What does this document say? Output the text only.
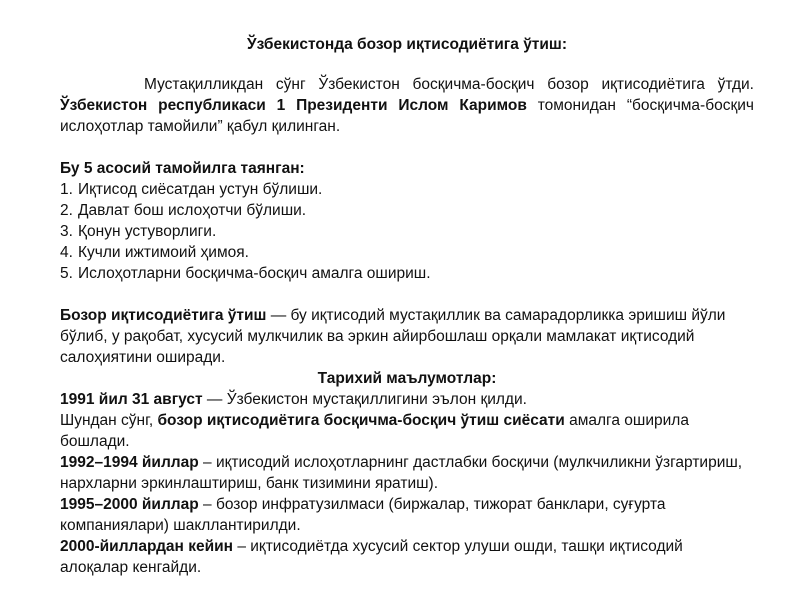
Ўзбекистонда бозор иқтисодиётига ўтиш:

Мустақилликдан сўнг Ўзбекистон босқичма-босқич бозор иқтисодиётига ўтди. Ўзбекистон республикаси 1 Президенти Ислом Каримов томонидан “босқичма-босқич ислоҳотлар тамойили” қабул қилинган.

Бу 5 асосий тамойилга таянган:

1. Иқтисод сиёсатдан устун бўлиши.
2. Давлат бош ислоҳотчи бўлиши.
3. Қонун устуворлиги.
4. Кучли ижтимоий ҳимоя.
5. Ислоҳотларни босқичма-босқич амалга ошириш.

Бозор иқтисодиётига ўтиш — бу иқтисодий мустақиллик ва самарадорликка эришиш йўли бўлиб, у рақобат, хусусий мулкчилик ва эркин айирбошлаш орқали мамлакат иқтисодий салоҳиятини оширади.

Тарихий маълумотлар:

1991 йил 31 август — Ўзбекистон мустақиллигини эълон қилди.

Шундан сўнг, бозор иқтисодиётига босқичма-босқич ўтиш сиёсати амалга оширила бошлади.

1992–1994 йиллар – иқтисодий ислоҳотларнинг дастлабки босқичи (мулкчиликни ўзгартириш, нархларни эркинлаштириш, банк тизимини яратиш).

1995–2000 йиллар – бозор инфратузилмаси (биржалар, тижорат банклари, суғурта компаниялари) шакллантирилди.

2000-йиллардан кейин – иқтисодиётда хусусий сектор улуши ошди, ташқи иқтисодий алоқалар кенгайди.
